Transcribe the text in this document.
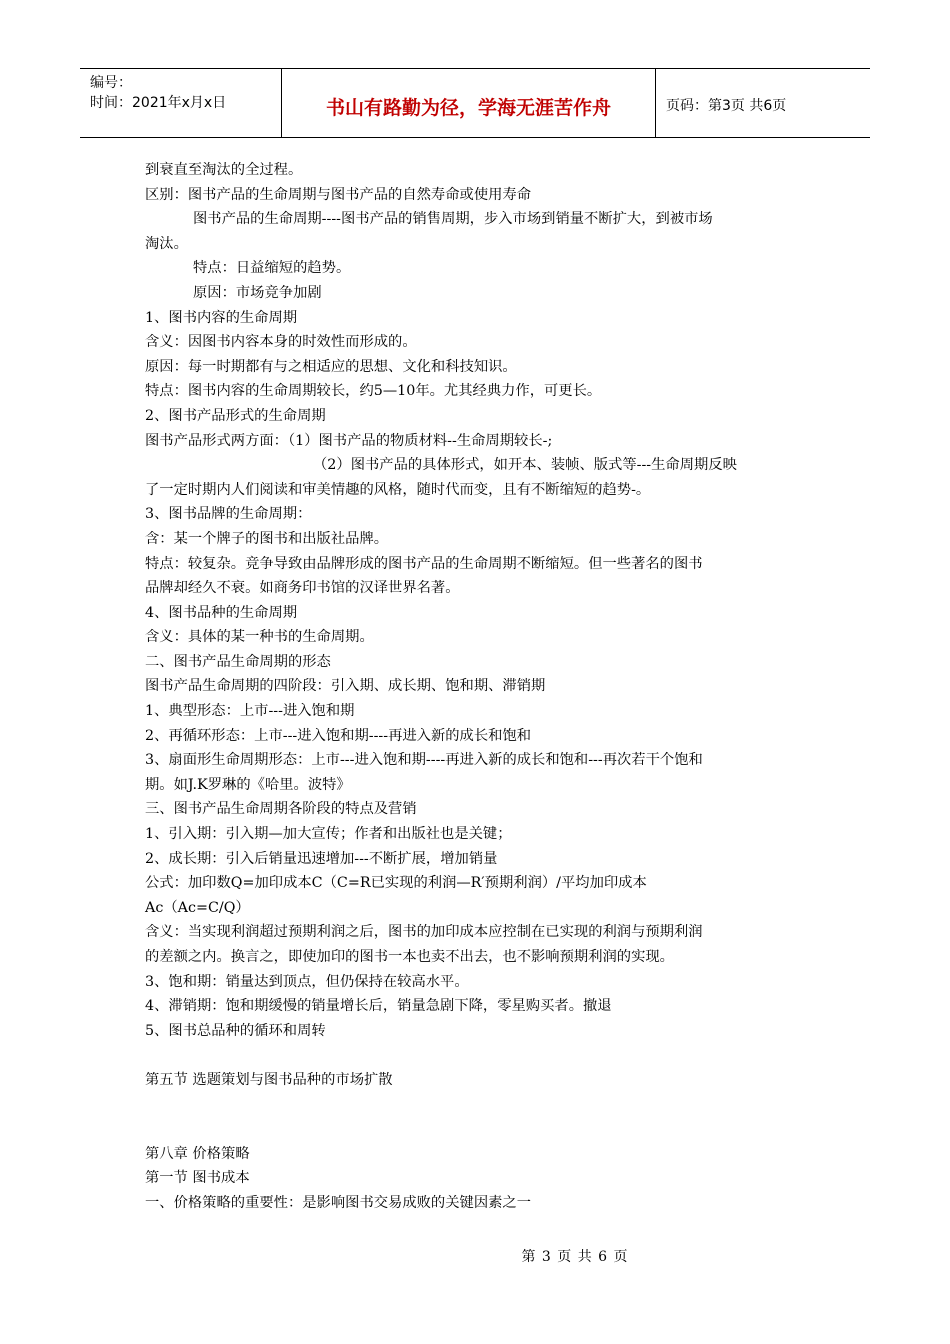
编号：
时间：2021年x月x日	书山有路勤为径，学海无涯苦作舟	页码：第3页 共6页
到衰直至淘汰的全过程。
区别：图书产品的生命周期与图书产品的自然寿命或使用寿命
图书产品的生命周期----图书产品的销售周期，步入市场到销量不断扩大，到被市场
淘汰。
特点：日益缩短的趋势。
原因：市场竞争加剧
1、图书内容的生命周期
含义：因图书内容本身的时效性而形成的。
原因：每一时期都有与之相适应的思想、文化和科技知识。
特点：图书内容的生命周期较长，约5—10年。尤其经典力作，可更长。
2、图书产品形式的生命周期
图书产品形式两方面：（1）图书产品的物质材料--生命周期较长-;
（2）图书产品的具体形式，如开本、装帧、版式等---生命周期反映
了一定时期内人们阅读和审美情趣的风格，随时代而变，且有不断缩短的趋势-。
3、图书品牌的生命周期：
含：某一个牌子的图书和出版社品牌。
特点：较复杂。竞争导致由品牌形成的图书产品的生命周期不断缩短。但一些著名的图书
品牌却经久不衰。如商务印书馆的汉译世界名著。
4、图书品种的生命周期
含义：具体的某一种书的生命周期。
二、图书产品生命周期的形态
图书产品生命周期的四阶段：引入期、成长期、饱和期、滞销期
1、典型形态：上市---进入饱和期
2、再循环形态：上市---进入饱和期----再进入新的成长和饱和
3、扇面形生命周期形态：上市---进入饱和期----再进入新的成长和饱和---再次若干个饱和
期。如J.K罗琳的《哈里。波特》
三、图书产品生命周期各阶段的特点及营销
1、引入期：引入期—加大宣传；作者和出版社也是关键；
2、成长期：引入后销量迅速增加---不断扩展，增加销量
公式：加印数Q=加印成本C（C=R已实现的利润—R′预期利润）/平均加印成本
Ac（Ac=C/Q）
含义：当实现利润超过预期利润之后，图书的加印成本应控制在已实现的利润与预期利润
的差额之内。换言之，即使加印的图书一本也卖不出去，也不影响预期利润的实现。
3、饱和期：销量达到顶点，但仍保持在较高水平。
4、滞销期：饱和期缓慢的销量增长后，销量急剧下降，零星购买者。撤退
5、图书总品种的循环和周转
第五节 选题策划与图书品种的市场扩散
第八章 价格策略
第一节 图书成本
一、价格策略的重要性：是影响图书交易成败的关键因素之一
第 3 页 共 6 页
